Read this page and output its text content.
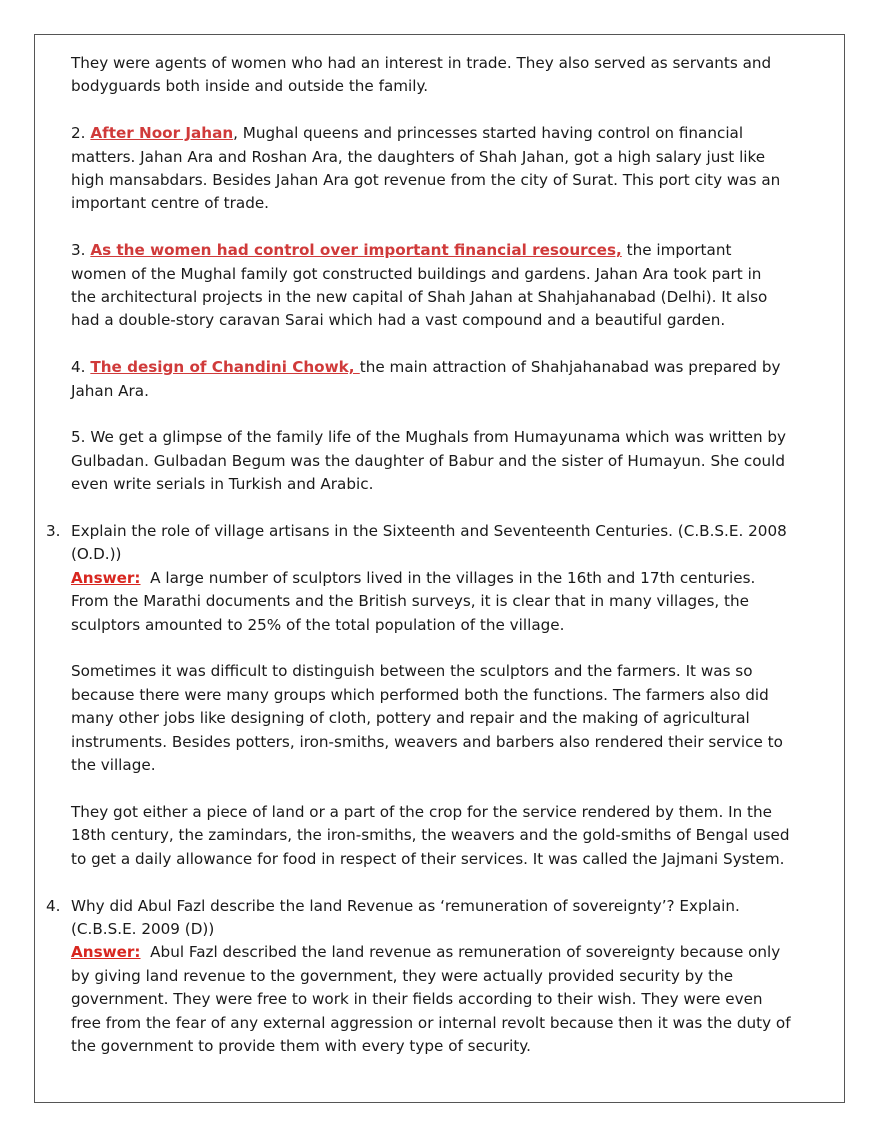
They were agents of women who had an interest in trade. They also served as servants and bodyguards both inside and outside the family.

2. After Noor Jahan, Mughal queens and princesses started having control on financial matters. Jahan Ara and Roshan Ara, the daughters of Shah Jahan, got a high salary just like high mansabdars. Besides Jahan Ara got revenue from the city of Surat. This port city was an important centre of trade.

3. As the women had control over important financial resources, the important women of the Mughal family got constructed buildings and gardens. Jahan Ara took part in the architectural projects in the new capital of Shah Jahan at Shahjahanabad (Delhi). It also had a double-story caravan Sarai which had a vast compound and a beautiful garden.

4. The design of Chandini Chowk, the main attraction of Shahjahanabad was prepared by Jahan Ara.

5. We get a glimpse of the family life of the Mughals from Humayunama which was written by Gulbadan. Gulbadan Begum was the daughter of Babur and the sister of Humayun. She could even write serials in Turkish and Arabic.

3. Explain the role of village artisans in the Sixteenth and Seventeenth Centuries. (C.B.S.E. 2008 (O.D.))

Answer:  A large number of sculptors lived in the villages in the 16th and 17th centuries. From the Marathi documents and the British surveys, it is clear that in many villages, the sculptors amounted to 25% of the total population of the village.

Sometimes it was difficult to distinguish between the sculptors and the farmers. It was so because there were many groups which performed both the functions. The farmers also did many other jobs like designing of cloth, pottery and repair and the making of agricultural instruments. Besides potters, iron-smiths, weavers and barbers also rendered their service to the village.

They got either a piece of land or a part of the crop for the service rendered by them. In the 18th century, the zamindars, the iron-smiths, the weavers and the gold-smiths of Bengal used to get a daily allowance for food in respect of their services. It was called the Jajmani System.

4. Why did Abul Fazl describe the land Revenue as ‘remuneration of sovereignty’? Explain. (C.B.S.E. 2009 (D))

Answer:  Abul Fazl described the land revenue as remuneration of sovereignty because only by giving land revenue to the government, they were actually provided security by the government. They were free to work in their fields according to their wish. They were even free from the fear of any external aggression or internal revolt because then it was the duty of the government to provide them with every type of security.
